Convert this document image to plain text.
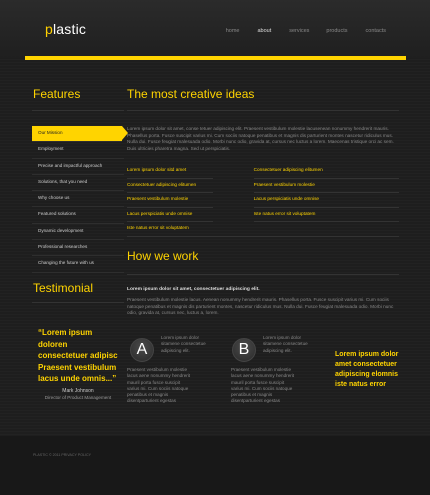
plastic	home	about	services	products	contacts
Features
Our Mission
Employment
Precise and impactful approach
Solutions, that you need
Why choose us
Featured solutions
Dynamic development
Professional researches
Changing the future with us
Testimonial
“Lorem ipsum doloren consectetuer adipisc Praesent vestibulum lacus unde omnis...”
Mark Johnson
Director of Product Management
The most creative ideas
Lorem ipsum dolor sit amet, conse tetuer adipiscing elit. Praesent vestibulum molestie lacusenean nonummy hendrerit mauris. Phasellus porta. Fusce suscipit varius mi. Cum sociis natoque penatibus et magnis dis parturient montes nascetur ridiculus mus. Nulla dui. Fusce feugiat malesuada odio. Morbi nunc odio, gravida at, cursus nec luctus a lorem. Maecenas tristique orci ac sem. Duis ultricies pharetra magna. Sed ut perspiciatis.
Lorem ipsum dolor sitd amet	Consectetuer adipiscing elitumen
Consectetuer adipiscing elitumen	Praesent vestibulum molestie
Praesent vestibulum molestie	Lacus perspiciatis unde omnise
Lacus perspiciatis unde omnise	Iste natus error sit voluptatem
Iste natus error sit voluptatem
How we work
Lorem ipsum dolor sit amet, consectetuer adipiscing elit.
Praesent vestibulum molestie lacus. Aenean nonummy hendrerit mauris. Phasellus porta. Fusce suscipit varius mi. Cum sociis natoque penatibus et magnis dis parturient montes, nascetur ridiculus mus. Nulla dui. Fusce feugiat malesuada odio. Morbi nunc odio, gravida at, cursus nec, luctus a, lorem.
A
Lorem ipsum dolor sitamene consectetue adipiscing elit.
Praesent vestibulum molestie lacus aene nonummy hendrerit mauril porta fusce suscipit varius mi. Cum sociis natoque penatibus et magnis disentparturient egestas
B
Lorem ipsum dolor sitamene consectetue adipiscing elit.
Praesent vestibulum molestie lacus aene nonummy hendrerit mauril porta fusce suscipit varius mi. Cum sociis natoque penatibus et magnis disentparturient egestas
Lorem ipsum dolor amet consectetuer adipiscing elomnis iste natus error
PLASTIC © 2011 PRIVACY POLICY
